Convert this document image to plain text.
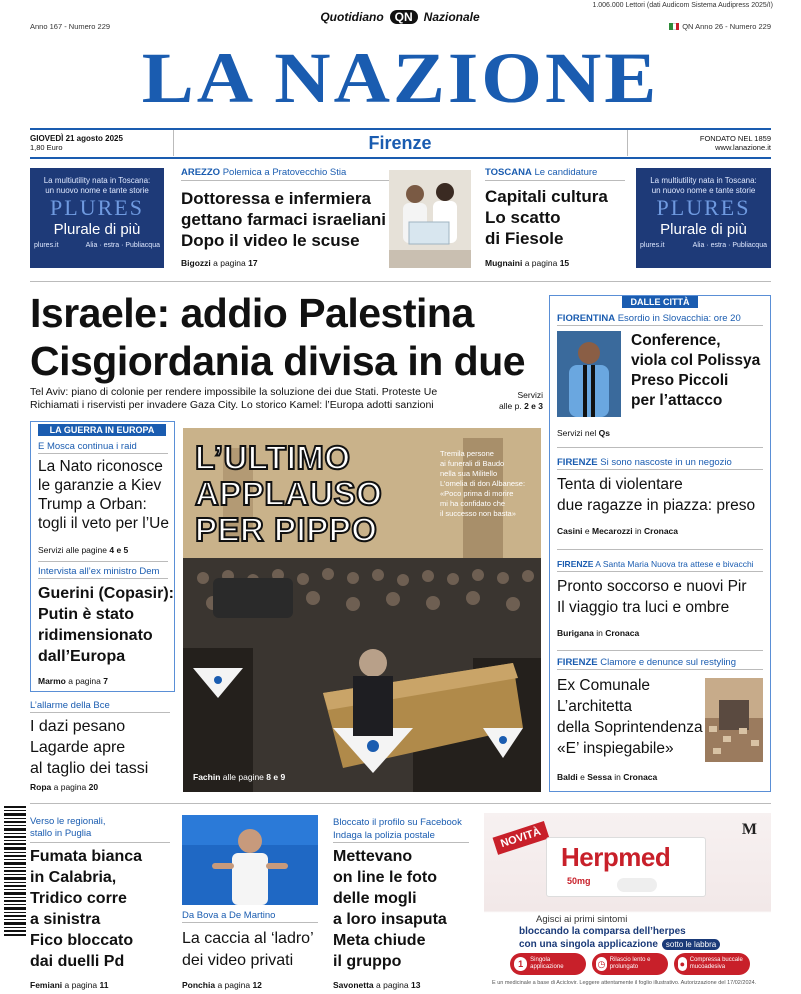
Quotidiano QN Nazionale
1.006.000 Lettori (dati Audicom Sistema Audipress 2025/I)
Anno 167 - Numero 229	QN Anno 26 - Numero 229
LA NAZIONE
GIOVEDÌ 21 agosto 2025
1,80 Euro	Firenze	FONDATO NEL 1859
www.lanazione.it
La multiutility nata in Toscana:
un nuovo nome e tante storie
PLURES
Plurale di più
plures.it	Alia · estra · Publiacqua
La multiutility nata in Toscana:
un nuovo nome e tante storie
PLURES
Plurale di più
plures.it	Alia · estra · Publiacqua
AREZZO Polemica a Pratovecchio Stia
Dottoressa e infermiera
gettano farmaci israeliani
Dopo il video le scuse
Bigozzi a pagina 17
TOSCANA Le candidature
Capitali cultura
Lo scatto
di Fiesole
Mugnaini a pagina 15
Israele: addio Palestina
Cisgiordania divisa in due
Tel Aviv: piano di colonie per rendere impossibile la soluzione dei due Stati. Proteste Ue
Richiamati i riservisti per invadere Gaza City. Lo storico Kamel: l’Europa adotti sanzioni
Servizi
alle p. 2 e 3
LA GUERRA IN EUROPA
E Mosca continua i raid
La Nato riconosce
le garanzie a Kiev
Trump a Orban:
togli il veto per l’Ue
Servizi alle pagine 4 e 5
Intervista all’ex ministro Dem
Guerini (Copasir):
Putin è stato
ridimensionato
dall’Europa
Marmo a pagina 7
L’allarme della Bce
I dazi pesano
Lagarde apre
al taglio dei tassi
Ropa a pagina 20
L’ULTIMO
APPLAUSO
PER PIPPO
Tremila persone
ai funerali di Baudo
nella sua Militello
L’omelia di don Albanese:
«Poco prima di morire
mi ha confidato che
il successo non basta»
Fachin alle pagine 8 e 9
DALLE CITTÀ
FIORENTINA Esordio in Slovacchia: ore 20
Conference,
viola col Polissya
Preso Piccoli
per l’attacco
Servizi nel Qs
FIRENZE Si sono nascoste in un negozio
Tenta di violentare
due ragazze in piazza: preso
Casini e Mecarozzi in Cronaca
FIRENZE A Santa Maria Nuova tra attese e bivacchi
Pronto soccorso e nuovi Pir
Il viaggio tra luci e ombre
Burigana in Cronaca
FIRENZE Clamore e denunce sul restyling
Ex Comunale
L’architetta
della Soprintendenza
«E’ inspiegabile»
Baldi e Sessa in Cronaca
Verso le regionali,
stallo in Puglia
Fumata bianca
in Calabria,
Tridico corre
a sinistra
Fico bloccato
dai duelli Pd
Femiani a pagina 11
Da Bova a De Martino
La caccia al ‘ladro’
dei video privati
Ponchia a pagina 12
Bloccato il profilo su Facebook
Indaga la polizia postale
Mettevano
on line le foto
delle mogli
a loro insaputa
Meta chiude
il gruppo
Savonetta a pagina 13
NOVITÀ	M
Herpmed
50mg
Agisci ai primi sintomi
bloccando la comparsa dell’herpes
con una singola applicazione	sotto le labbra
1	Singola applicazione	◷ Rilascio lento e prolungato	● Compressa buccale mucoadesiva
È un medicinale a base di Aciclovir. Leggere attentamente il foglio illustrativo. Autorizzazione del 17/02/2024.
